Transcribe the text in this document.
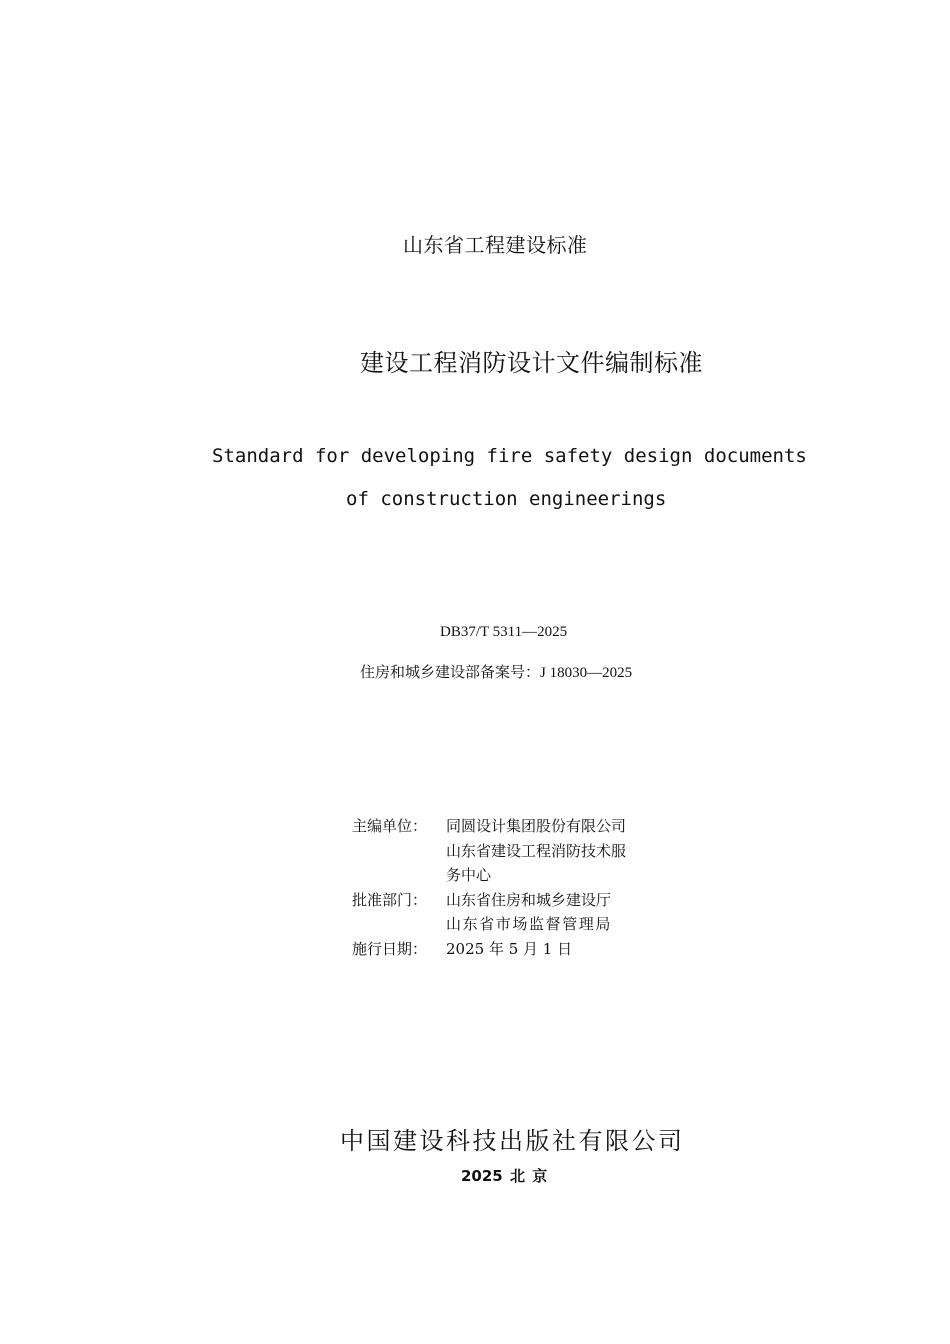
山东省工程建设标准
建设工程消防设计文件编制标准
Standard for developing fire safety design documents
of construction engineerings
DB37/T 5311—2025
住房和城乡建设部备案号：J 18030—2025
主编单位：	同圆设计集团股份有限公司
山东省建设工程消防技术服
务中心
批准部门：	山东省住房和城乡建设厅
山东省市场监督管理局
施行日期：	2025 年 5 月 1 日
中国建设科技出版社有限公司
2025 北 京
